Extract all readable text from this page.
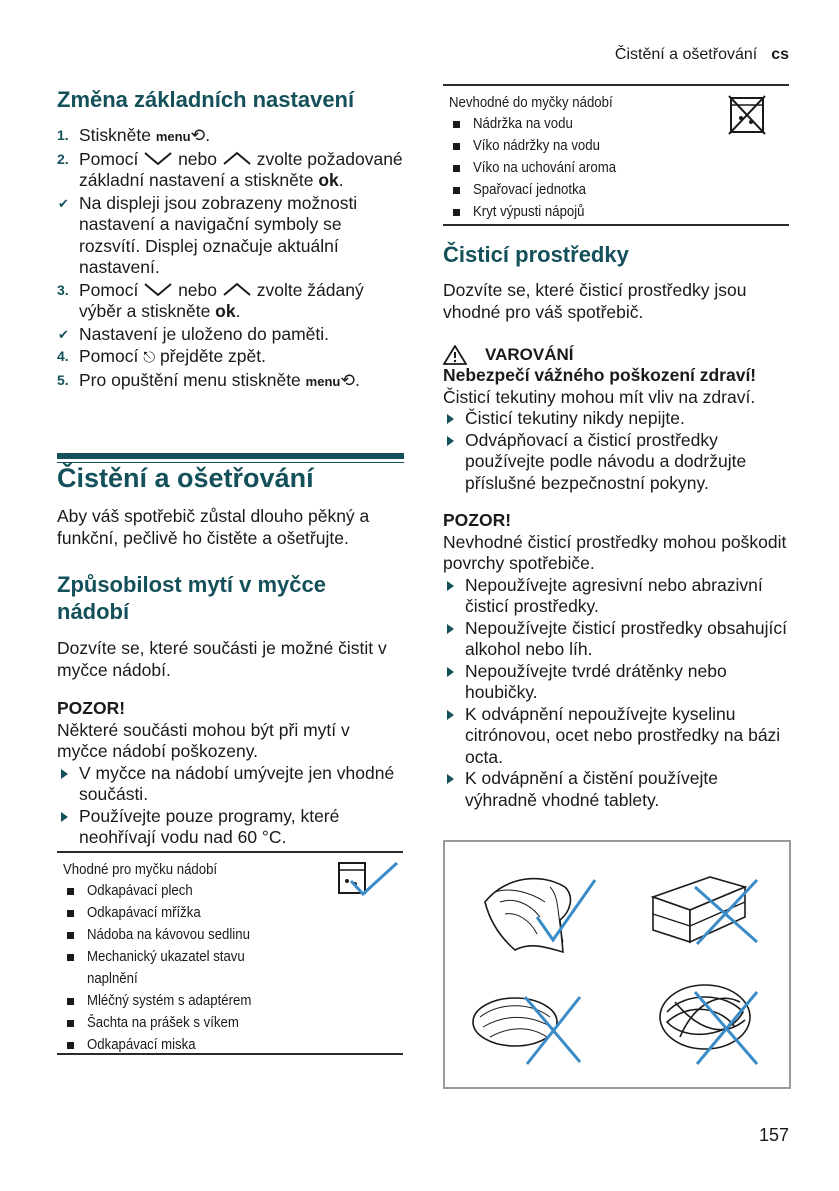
Čistění a ošetřování cs
Změna základních nastavení
1. Stiskněte menu⟲.
2. Pomocí  nebo  zvolte požadované základní nastavení a stiskněte ok.
✔ Na displeji jsou zobrazeny možnosti nastavení a navigační symboly se rozsvítí. Displej označuje aktuální nastavení.
3. Pomocí  nebo  zvolte žádaný výběr a stiskněte ok.
✔ Nastavení je uloženo do paměti.
4. Pomocí ⎋ přejděte zpět.
5. Pro opuštění menu stiskněte menu⟲.
Čistění a ošetřování
Aby váš spotřebič zůstal dlouho pěkný a funkční, pečlivě ho čistěte a ošetřujte.
Způsobilost mytí v myčce nádobí
Dozvíte se, které součásti je možné čistit v myčce nádobí.
POZOR!
Některé součásti mohou být při mytí v myčce nádobí poškozeny.
V myčce na nádobí umývejte jen vhodné součásti.
Používejte pouze programy, které neohřívají vodu nad 60 °C.
Vhodné pro myčku nádobí
Odkapávací plech
Odkapávací mřížka
Nádoba na kávovou sedlinu
Mechanický ukazatel stavu
naplnění
Mléčný systém s adaptérem
Šachta na prášek s víkem
Odkapávací miska
Nevhodné do myčky nádobí
Nádržka na vodu
Víko nádržky na vodu
Víko na uchování aroma
Spařovací jednotka
Kryt výpusti nápojů
Čisticí prostředky
Dozvíte se, které čisticí prostředky jsou vhodné pro váš spotřebič.
VAROVÁNÍ
Nebezpečí vážného poškození zdraví!
Čisticí tekutiny mohou mít vliv na zdraví.
Čisticí tekutiny nikdy nepijte.
Odvápňovací a čisticí prostředky používejte podle návodu a dodržujte příslušné bezpečnostní pokyny.
POZOR!
Nevhodné čisticí prostředky mohou poškodit povrchy spotřebiče.
Nepoužívejte agresivní nebo abrazivní čisticí prostředky.
Nepoužívejte čisticí prostředky obsahující alkohol nebo líh.
Nepoužívejte tvrdé drátěnky nebo houbičky.
K odvápnění nepoužívejte kyselinu citrónovou, ocet nebo prostředky na bázi octa.
K odvápnění a čistění používejte výhradně vhodné tablety.
157
